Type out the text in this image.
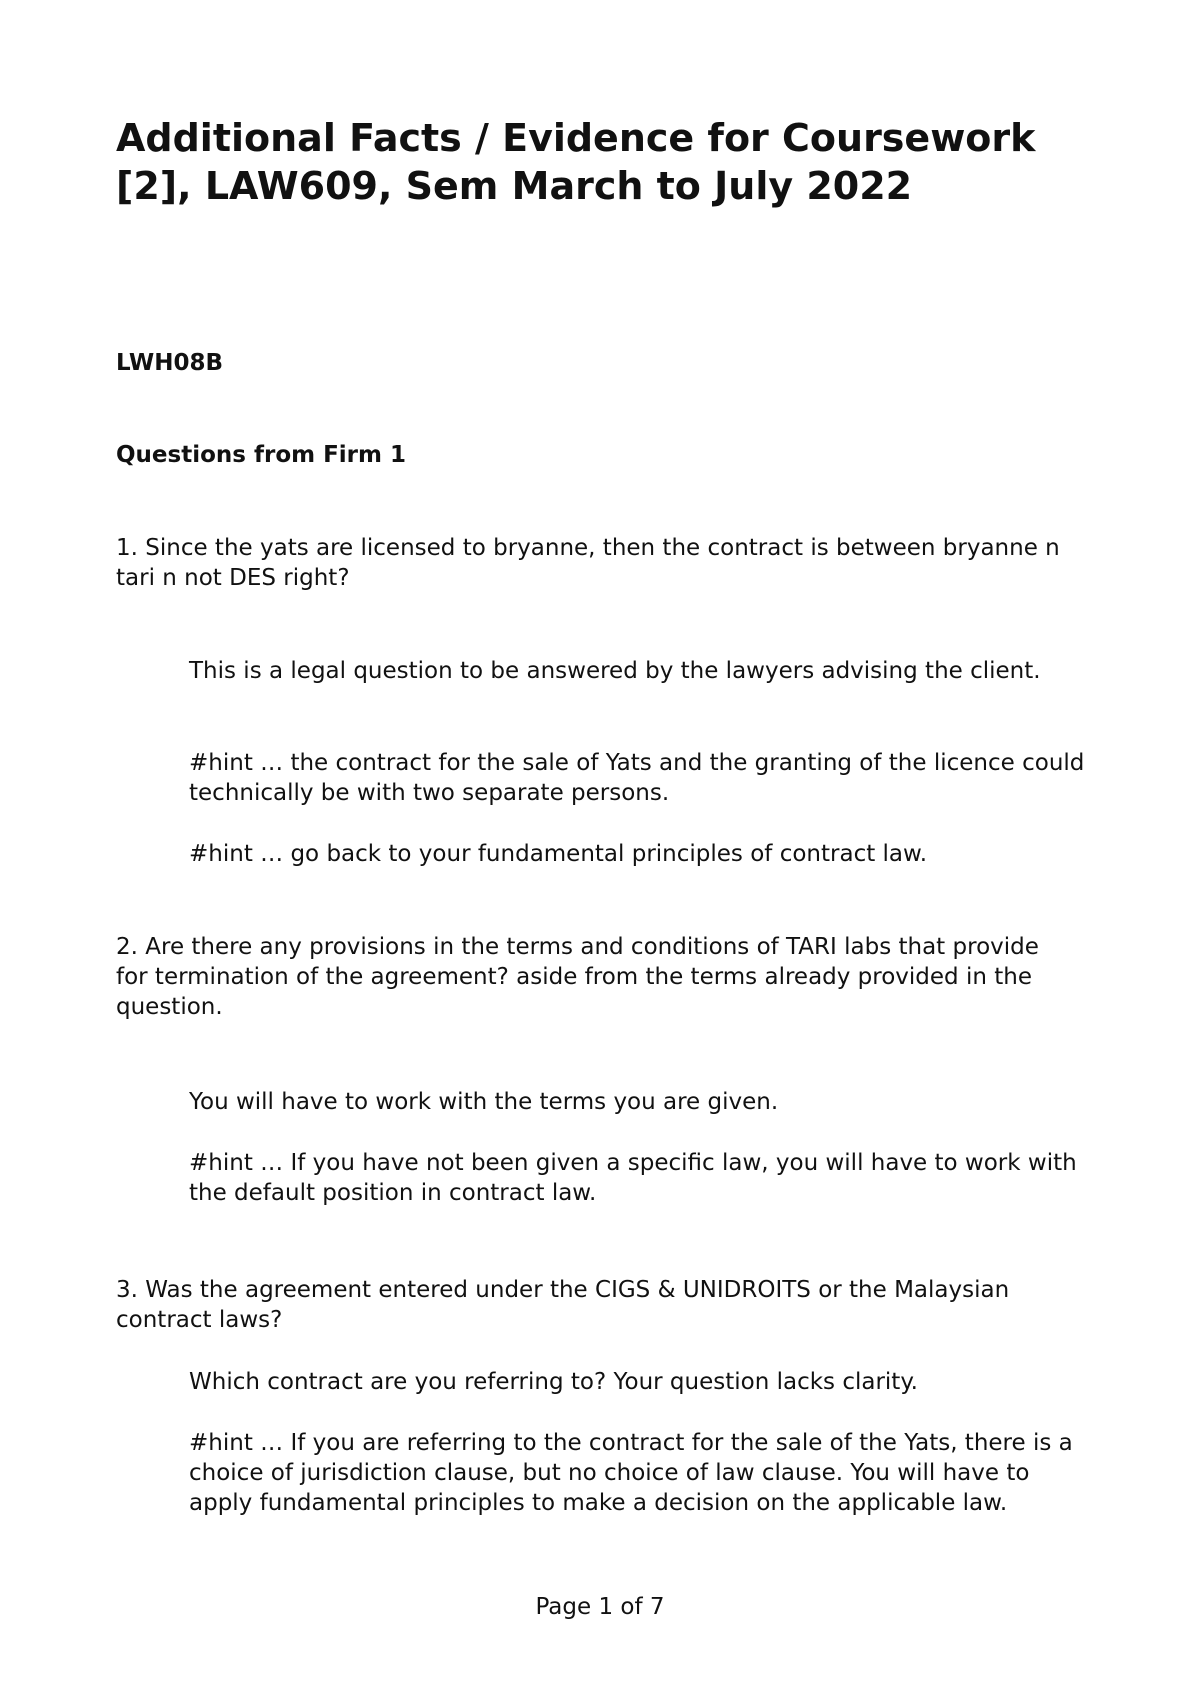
Additional Facts / Evidence for Coursework [2], LAW609, Sem March to July 2022

LWH08B

Questions from Firm 1

1. Since the yats are licensed to bryanne, then the contract is between bryanne n tari n not DES right?

This is a legal question to be answered by the lawyers advising the client.

#hint … the contract for the sale of Yats and the granting of the licence could technically be with two separate persons.

#hint … go back to your fundamental principles of contract law.

2. Are there any provisions in the terms and conditions of TARI labs that provide for termination of the agreement? aside from the terms already provided in the question.

You will have to work with the terms you are given.

#hint … If you have not been given a specific law, you will have to work with the default position in contract law.

3. Was the agreement entered under the CIGS & UNIDROITS or the Malaysian contract laws?

Which contract are you referring to? Your question lacks clarity.

#hint … If you are referring to the contract for the sale of the Yats, there is a choice of jurisdiction clause, but no choice of law clause. You will have to apply fundamental principles to make a decision on the applicable law.

Page 1 of 7
